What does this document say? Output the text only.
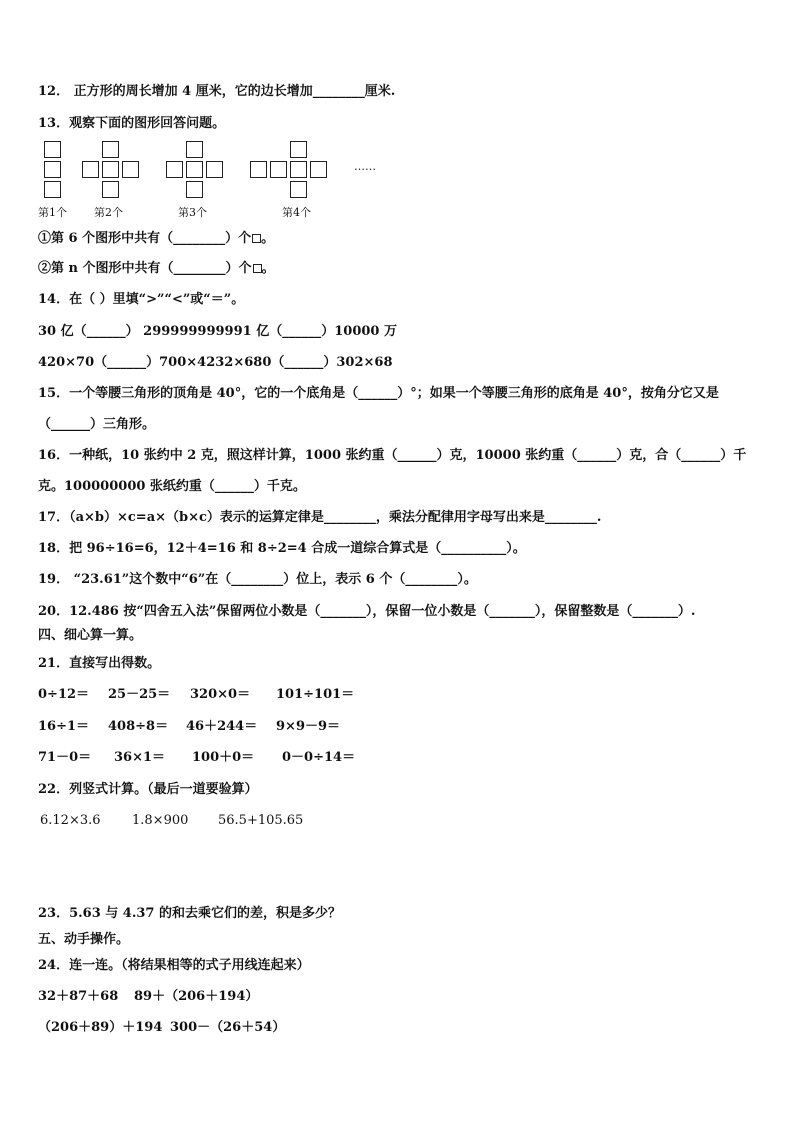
12． 正方形的周长增加 4 厘米，它的边长增加________厘米.
13．观察下面的图形回答问题。
……
第1个 第2个	第3个	第4个
①第 6 个图形中共有（________）个 。
②第 n 个图形中共有（________）个 。
14．在（ ）里填“>”“<”或“＝”。
30 亿（______） 299999999991 亿（______）10000 万
420×70（______）700×4232×680（______）302×68
15．一个等腰三角形的顶角是 40°，它的一个底角是（______）°；如果一个等腰三角形的底角是 40°，按角分它又是
（______）三角形。
16．一种纸，10 张约中 2 克，照这样计算，1000 张约重（______）克，10000 张约重（______）克，合（______）千
克。100000000 张纸约重（______）千克。
17．（a×b）×c=a×（b×c）表示的运算定律是________，乘法分配律用字母写出来是________.
18．把 96÷16=6，12＋4=16 和 8÷2=4 合成一道综合算式是（__________）。
19． “23.61”这个数中“6”在（________）位上，表示 6 个（________）。
20．12.486 按“四舍五入法”保留两位小数是（_______），保留一位小数是（_______），保留整数是（_______）.
四、细心算一算。
21．直接写出得数。
0÷12＝ 25－25＝ 320×0＝ 101÷101＝
16÷1＝ 408÷8＝ 46＋244＝ 9×9－9＝
71－0＝ 36×1＝ 100＋0＝ 0－0÷14＝
22．列竖式计算。（最后一道要验算）
6.12×3.6 1.8×900 56.5+105.65
23．5.63 与 4.37 的和去乘它们的差，积是多少？
五、动手操作。
24．连一连。（将结果相等的式子用线连起来）
32＋87＋68 89＋（206＋194）
（206＋89）＋194 300－（26＋54）
